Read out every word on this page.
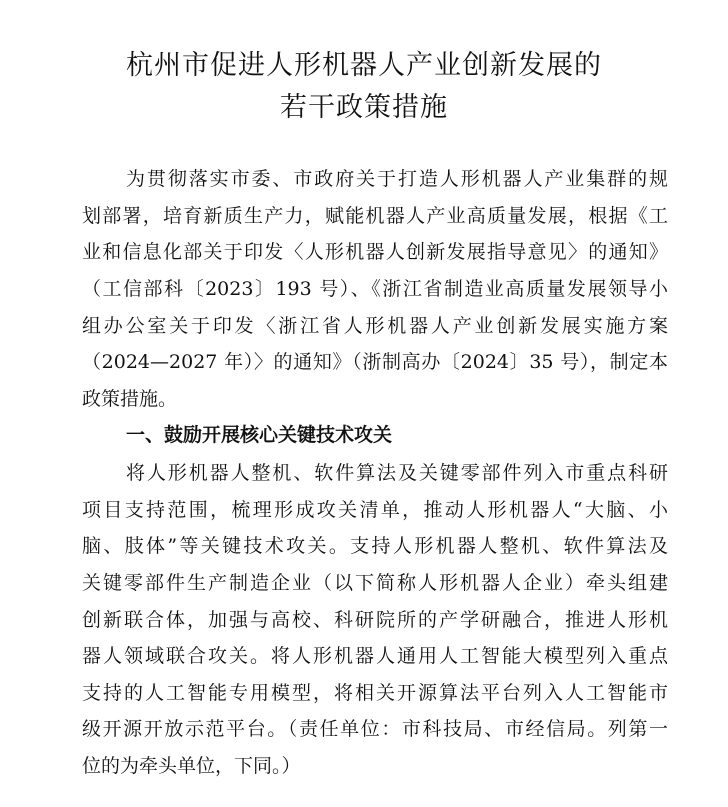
杭州市促进人形机器人产业创新发展的
若干政策措施
为贯彻落实市委、市政府关于打造人形机器人产业集群的规
划部署，培育新质生产力，赋能机器人产业高质量发展，根据《工
业和信息化部关于印发〈人形机器人创新发展指导意见〉的通知》
（工信部科〔2023〕193 号）、《浙江省制造业高质量发展领导小
组办公室关于印发〈浙江省人形机器人产业创新发展实施方案
（2024—2027 年）〉的通知》（浙制高办〔2024〕35 号），制定本
政策措施。
一、鼓励开展核心关键技术攻关
将人形机器人整机、软件算法及关键零部件列入市重点科研
项目支持范围，梳理形成攻关清单，推动人形机器人“大脑、小
脑、肢体”等关键技术攻关。支持人形机器人整机、软件算法及
关键零部件生产制造企业（以下简称人形机器人企业）牵头组建
创新联合体，加强与高校、科研院所的产学研融合，推进人形机
器人领域联合攻关。将人形机器人通用人工智能大模型列入重点
支持的人工智能专用模型，将相关开源算法平台列入人工智能市
级开源开放示范平台。（责任单位：市科技局、市经信局。列第一
位的为牵头单位，下同。）
